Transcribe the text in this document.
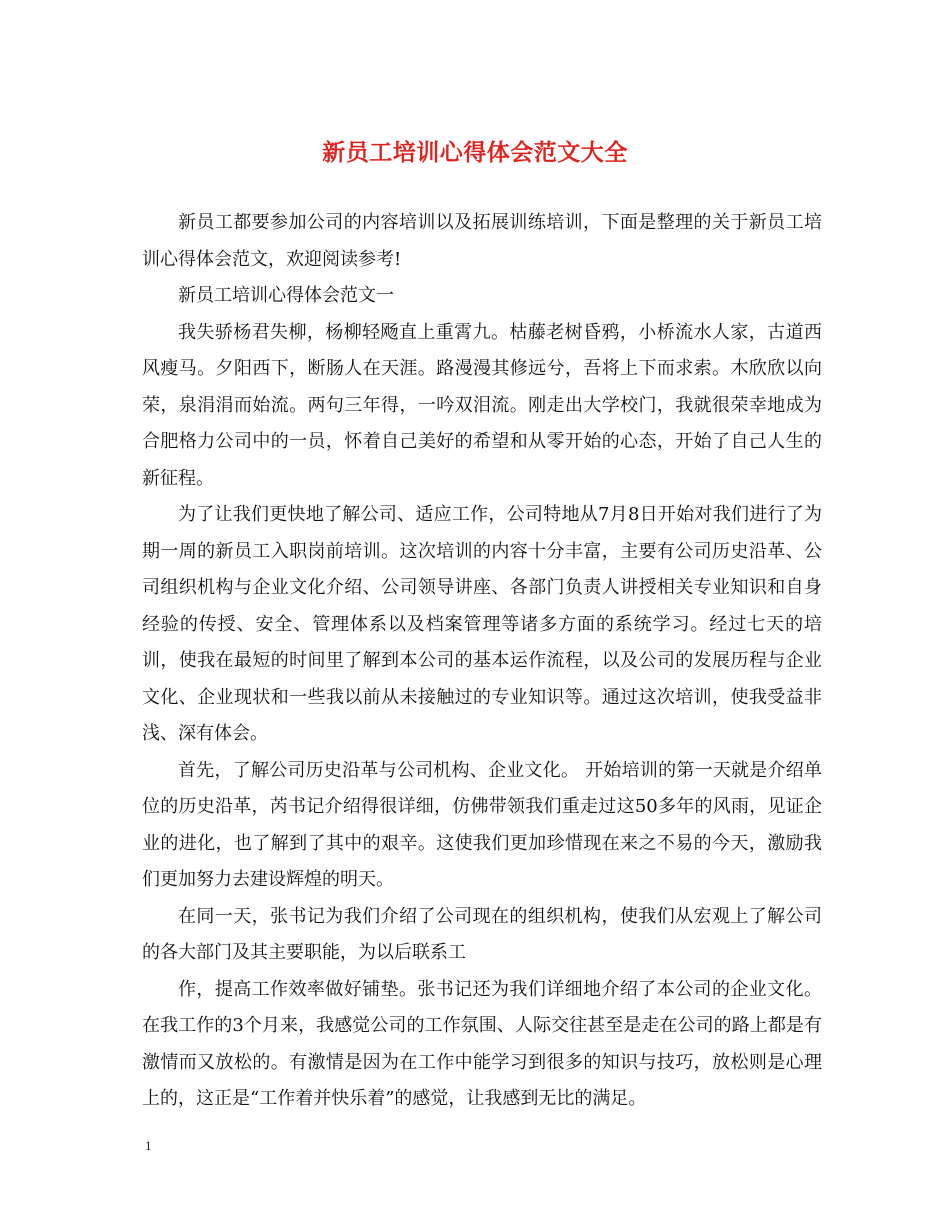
新员工培训心得体会范文大全

新员工都要参加公司的内容培训以及拓展训练培训，下面是整理的关于新员工培训心得体会范文，欢迎阅读参考!

新员工培训心得体会范文一

我失骄杨君失柳，杨柳轻飏直上重霄九。枯藤老树昏鸦，小桥流水人家，古道西风瘦马。夕阳西下，断肠人在天涯。路漫漫其修远兮，吾将上下而求索。木欣欣以向荣，泉涓涓而始流。两句三年得，一吟双泪流。刚走出大学校门，我就很荣幸地成为合肥格力公司中的一员，怀着自己美好的希望和从零开始的心态，开始了自己人生的新征程。

为了让我们更快地了解公司、适应工作，公司特地从7月8日开始对我们进行了为期一周的新员工入职岗前培训。这次培训的内容十分丰富，主要有公司历史沿革、公司组织机构与企业文化介绍、公司领导讲座、各部门负责人讲授相关专业知识和自身经验的传授、安全、管理体系以及档案管理等诸多方面的系统学习。经过七天的培训，使我在最短的时间里了解到本公司的基本运作流程，以及公司的发展历程与企业文化、企业现状和一些我以前从未接触过的专业知识等。通过这次培训，使我受益非浅、深有体会。

首先，了解公司历史沿革与公司机构、企业文化。 开始培训的第一天就是介绍单位的历史沿革，芮书记介绍得很详细，仿佛带领我们重走过这50多年的风雨，见证企业的进化，也了解到了其中的艰辛。这使我们更加珍惜现在来之不易的今天，激励我们更加努力去建设辉煌的明天。

在同一天，张书记为我们介绍了公司现在的组织机构，使我们从宏观上了解公司的各大部门及其主要职能，为以后联系工

作，提高工作效率做好铺垫。张书记还为我们详细地介绍了本公司的企业文化。在我工作的3个月来，我感觉公司的工作氛围、人际交往甚至是走在公司的路上都是有激情而又放松的。有激情是因为在工作中能学习到很多的知识与技巧，放松则是心理上的，这正是“工作着并快乐着”的感觉，让我感到无比的满足。

1
